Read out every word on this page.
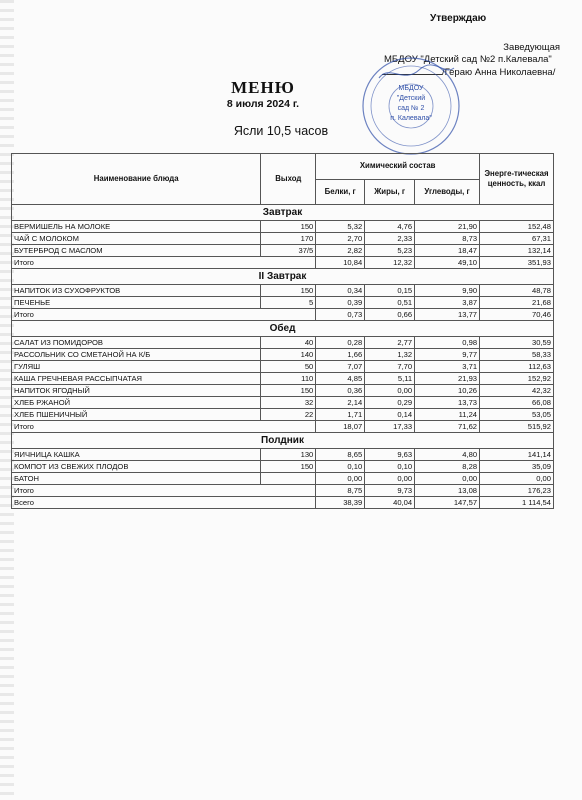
Утверждаю
Заведующая
МБДОУ "Детский сад №2 п.Калевала"
/Гераю Анна Николаевна/
МБДОУ
"Детский
сад № 2
п. Калевала"
МЕНЮ
8 июля 2024 г.
Ясли 10,5 часов
Наименование блюда	Выход	Химический состав			Энерге-тическая ценность, ккал
		Белки, г	Жиры, г	Углеводы, г	
Завтрак					
ВЕРМИШЕЛЬ НА МОЛОКЕ	150	5,32	4,76	21,90	152,48
ЧАЙ С МОЛОКОМ	170	2,70	2,33	8,73	67,31
БУТЕРБРОД С МАСЛОМ	37/5	2,82	5,23	18,47	132,14
Итого		10,84	12,32	49,10	351,93
II Завтрак					
НАПИТОК ИЗ СУХОФРУКТОВ	150	0,34	0,15	9,90	48,78
ПЕЧЕНЬЕ	5	0,39	0,51	3,87	21,68
Итого		0,73	0,66	13,77	70,46
Обед					
САЛАТ ИЗ ПОМИДОРОВ	40	0,28	2,77	0,98	30,59
РАССОЛЬНИК СО СМЕТАНОЙ НА К/Б	140	1,66	1,32	9,77	58,33
ГУЛЯШ	50	7,07	7,70	3,71	112,63
КАША ГРЕЧНЕВАЯ РАССЫПЧАТАЯ	110	4,85	5,11	21,93	152,92
НАПИТОК ЯГОДНЫЙ	150	0,36	0,00	10,26	42,32
ХЛЕБ РЖАНОЙ	32	2,14	0,29	13,73	66,08
ХЛЕБ ПШЕНИЧНЫЙ	22	1,71	0,14	11,24	53,05
Итого		18,07	17,33	71,62	515,92
Полдник					
ЯИЧНИЦА КАШКА	130	8,65	9,63	4,80	141,14
КОМПОТ ИЗ СВЕЖИХ ПЛОДОВ	150	0,10	0,10	8,28	35,09
БАТОН		0,00	0,00	0,00	0,00
Итого		8,75	9,73	13,08	176,23
Всего		38,39	40,04	147,57	1 114,54
